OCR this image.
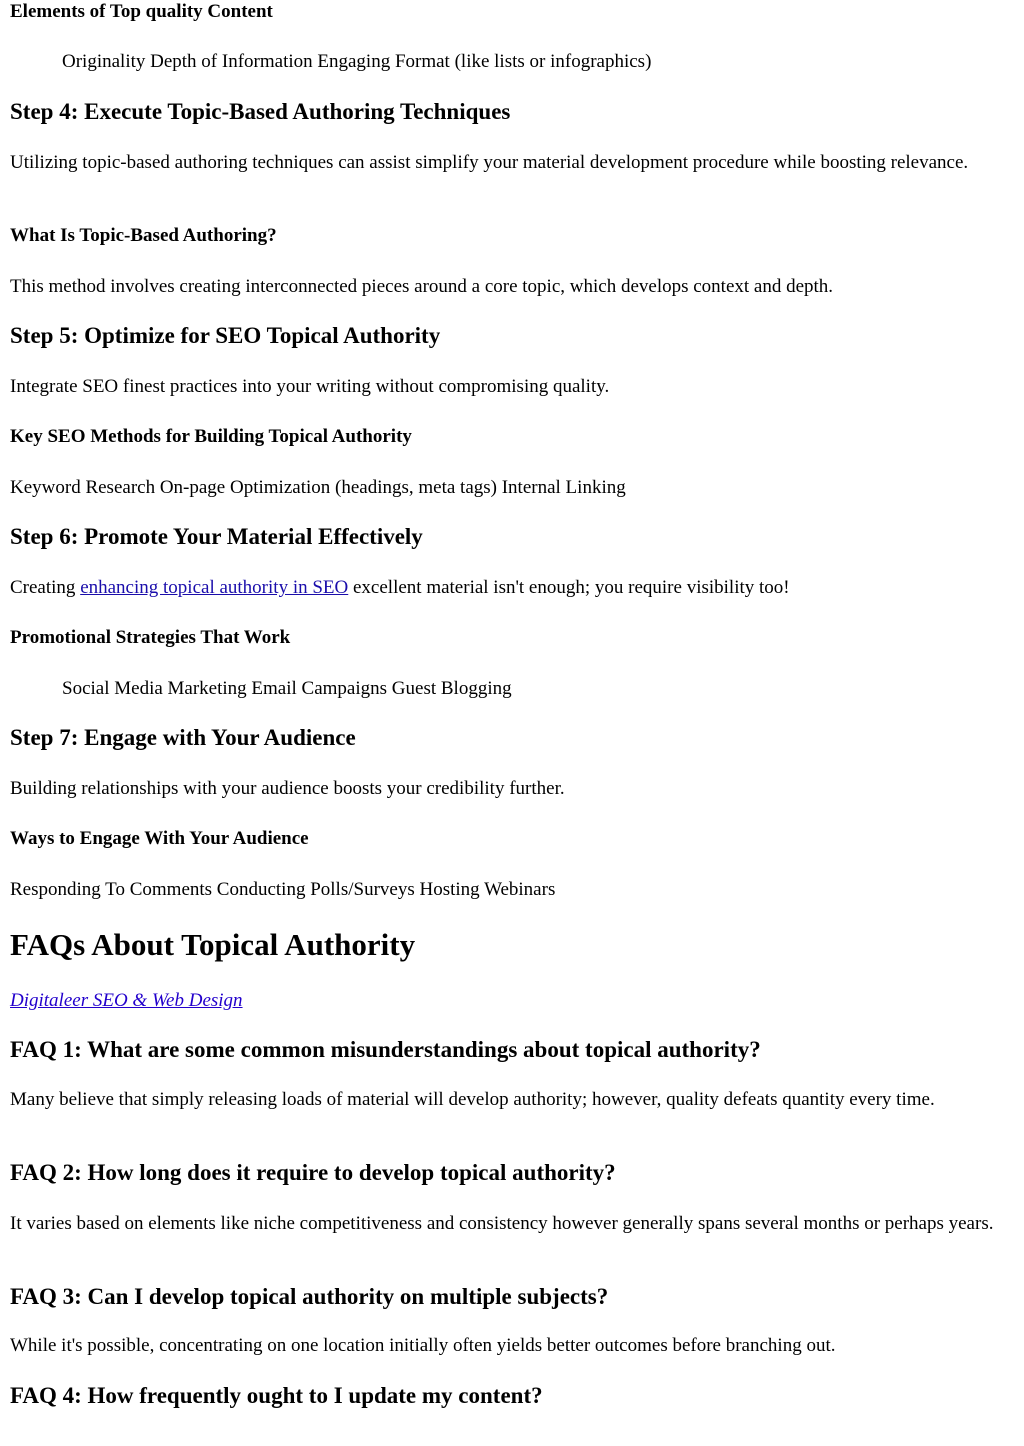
Elements of Top quality Content

Originality Depth of Information Engaging Format (like lists or infographics)

Step 4: Execute Topic-Based Authoring Techniques

Utilizing topic-based authoring techniques can assist simplify your material development procedure while boosting relevance.

What Is Topic-Based Authoring?

This method involves creating interconnected pieces around a core topic, which develops context and depth.

Step 5: Optimize for SEO Topical Authority

Integrate SEO finest practices into your writing without compromising quality.

Key SEO Methods for Building Topical Authority

Keyword Research On-page Optimization (headings, meta tags) Internal Linking

Step 6: Promote Your Material Effectively

Creating enhancing topical authority in SEO excellent material isn't enough; you require visibility too!

Promotional Strategies That Work

Social Media Marketing Email Campaigns Guest Blogging

Step 7: Engage with Your Audience

Building relationships with your audience boosts your credibility further.

Ways to Engage With Your Audience

Responding To Comments Conducting Polls/Surveys Hosting Webinars

FAQs About Topical Authority

Digitaleer SEO & Web Design

FAQ 1: What are some common misunderstandings about topical authority?

Many believe that simply releasing loads of material will develop authority; however, quality defeats quantity every time.

FAQ 2: How long does it require to develop topical authority?

It varies based on elements like niche competitiveness and consistency however generally spans several months or perhaps years.

FAQ 3: Can I develop topical authority on multiple subjects?

While it's possible, concentrating on one location initially often yields better outcomes before branching out.

FAQ 4: How frequently ought to I update my content?
